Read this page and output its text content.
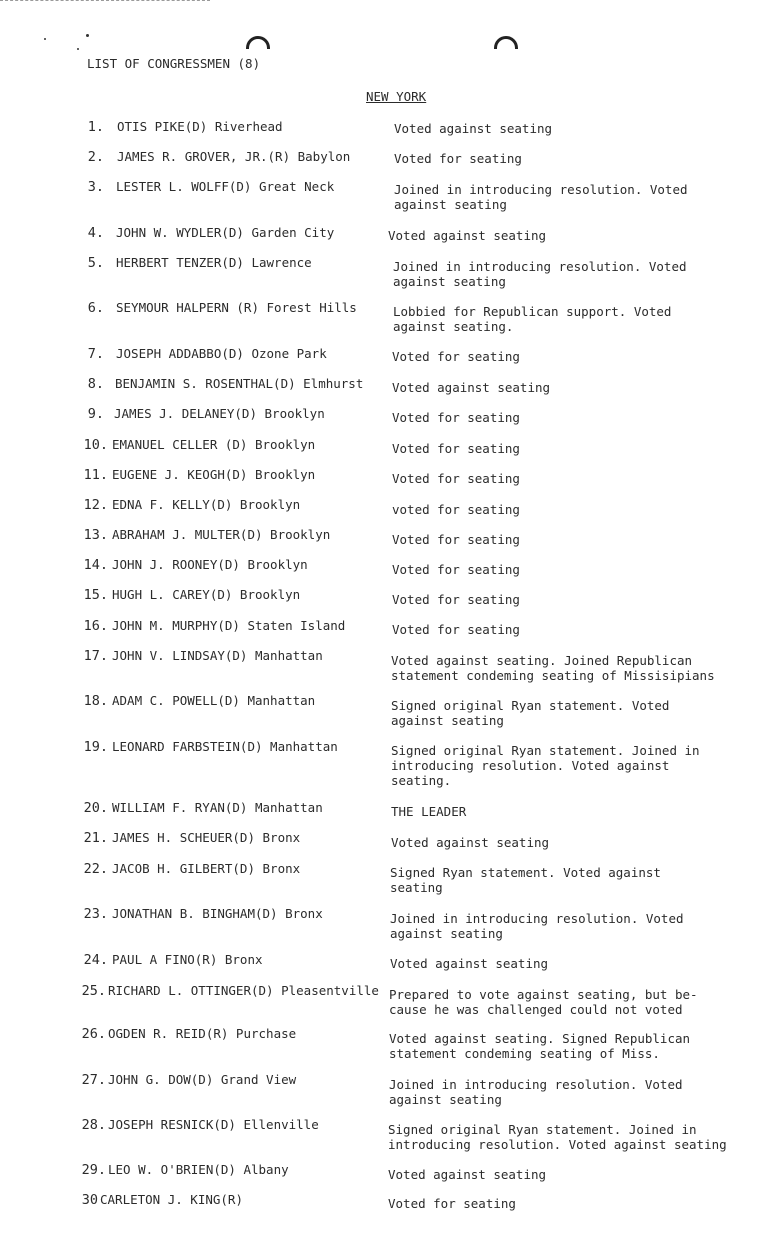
LIST OF CONGRESSMEN (8)
NEW YORK
1. OTIS PIKE(D) Riverhead	Voted against seating
2. JAMES R. GROVER, JR.(R) Babylon	Voted for seating
3. LESTER L. WOLFF(D) Great Neck	Joined in introducing resolution. Voted
against seating
4. JOHN W. WYDLER(D) Garden City	Voted against seating
5. HERBERT TENZER(D) Lawrence	Joined in introducing resolution. Voted
against seating
6. SEYMOUR HALPERN (R) Forest Hills	Lobbied for Republican support. Voted
against seating.
7. JOSEPH ADDABBO(D) Ozone Park	Voted for seating
8. BENJAMIN S. ROSENTHAL(D) Elmhurst Voted against seating
9. JAMES J. DELANEY(D) Brooklyn	Voted for seating
10. EMANUEL CELLER (D) Brooklyn	Voted for seating
11. EUGENE J. KEOGH(D) Brooklyn	Voted for seating
12. EDNA F. KELLY(D) Brooklyn	voted for seating
13. ABRAHAM J. MULTER(D) Brooklyn	Voted for seating
14. JOHN J. ROONEY(D) Brooklyn	Voted for seating
15. HUGH L. CAREY(D) Brooklyn	Voted for seating
16. JOHN M. MURPHY(D) Staten Island	Voted for seating
17. JOHN V. LINDSAY(D) Manhattan	Voted against seating. Joined Republican
statement condeming seating of Missisipians
18. ADAM C. POWELL(D) Manhattan	Signed original Ryan statement. Voted
against seating
19. LEONARD FARBSTEIN(D) Manhattan	Signed original Ryan statement. Joined in
introducing resolution. Voted against
seating.
20. WILLIAM F. RYAN(D) Manhattan	THE LEADER
21. JAMES H. SCHEUER(D) Bronx	Voted against seating
22. JACOB H. GILBERT(D) Bronx	Signed Ryan statement. Voted against
seating
23. JONATHAN B. BINGHAM(D) Bronx	Joined in introducing resolution. Voted
against seating
24. PAUL A FINO(R) Bronx	Voted against seating
25. RICHARD L. OTTINGER(D) Pleasentville Prepared to vote against seating, but be-
cause he was challenged could not voted
26. OGDEN R. REID(R) Purchase	Voted against seating. Signed Republican
statement condeming seating of Miss.
27. JOHN G. DOW(D) Grand View	Joined in introducing resolution. Voted
against seating
28. JOSEPH RESNICK(D) Ellenville	Signed original Ryan statement. Joined in
introducing resolution. Voted against seating
29. LEO W. O'BRIEN(D) Albany	Voted against seating
30 CARLETON J. KING(R)	Voted for seating
